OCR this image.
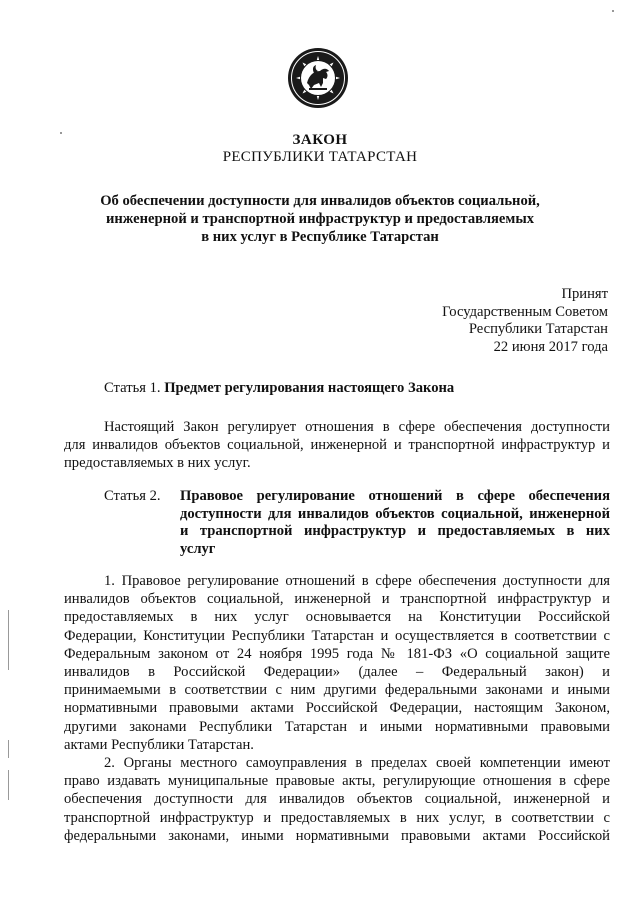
ЗАКОН
РЕСПУБЛИКИ ТАТАРСТАН
Об обеспечении доступности для инвалидов объектов социальной,
инженерной и транспортной инфраструктур и предоставляемых
в них услуг в Республике Татарстан
Принят
Государственным Советом
Республики Татарстан
22 июня 2017 года
Статья 1. Предмет регулирования настоящего Закона
Настоящий Закон регулирует отношения в сфере обеспечения доступности
для инвалидов объектов социальной, инженерной и транспортной инфраструктур и
предоставляемых в них услуг.
Статья 2. Правовое регулирование отношений в сфере обеспечения
доступности для инвалидов объектов социальной, инженерной
и транспортной инфраструктур и предоставляемых в них
услуг
1. Правовое регулирование отношений в сфере обеспечения доступности для
инвалидов объектов социальной, инженерной и транспортной инфраструктур и
предоставляемых в них услуг основывается на Конституции Российской
Федерации, Конституции Республики Татарстан и осуществляется в соответствии с
Федеральным законом от 24 ноября 1995 года № 181-ФЗ «О социальной защите
инвалидов в Российской Федерации» (далее – Федеральный закон) и
принимаемыми в соответствии с ним другими федеральными законами и иными
нормативными правовыми актами Российской Федерации, настоящим Законом,
другими законами Республики Татарстан и иными нормативными правовыми
актами Республики Татарстан.
2. Органы местного самоуправления в пределах своей компетенции имеют
право издавать муниципальные правовые акты, регулирующие отношения в сфере
обеспечения доступности для инвалидов объектов социальной, инженерной и
транспортной инфраструктур и предоставляемых в них услуг, в соответствии с
федеральными законами, иными нормативными правовыми актами Российской
